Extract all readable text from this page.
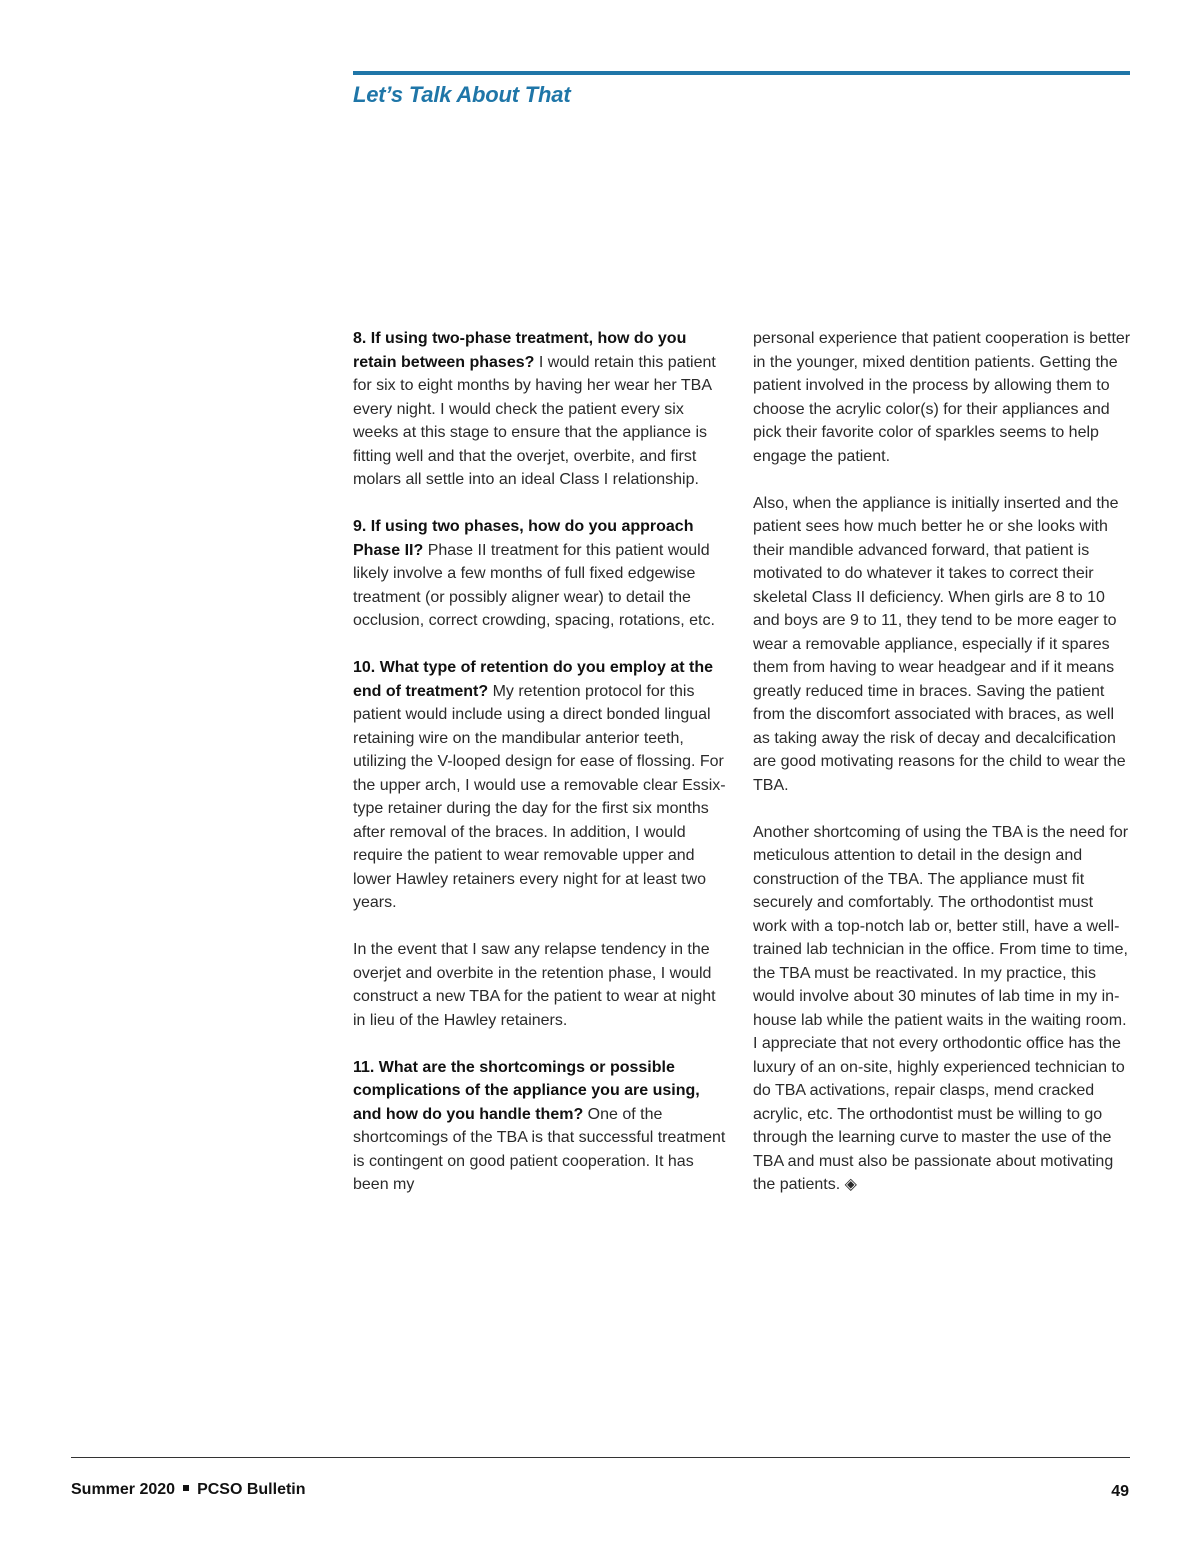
Let’s Talk About That

8. If using two-phase treatment, how do you retain between phases? I would retain this patient for six to eight months by having her wear her TBA every night. I would check the patient every six weeks at this stage to ensure that the appliance is fitting well and that the overjet, overbite, and first molars all settle into an ideal Class I relationship.

9. If using two phases, how do you approach Phase II? Phase II treatment for this patient would likely involve a few months of full fixed edgewise treatment (or possibly aligner wear) to detail the occlusion, correct crowding, spacing, rotations, etc.

10. What type of retention do you employ at the end of treatment? My retention protocol for this patient would include using a direct bonded lingual retaining wire on the mandibular anterior teeth, utilizing the V-looped design for ease of flossing. For the upper arch, I would use a removable clear Essix-type retainer during the day for the first six months after removal of the braces. In addition, I would require the patient to wear removable upper and lower Hawley retainers every night for at least two years.

In the event that I saw any relapse tendency in the overjet and overbite in the retention phase, I would construct a new TBA for the patient to wear at night in lieu of the Hawley retainers.

11. What are the shortcomings or possible complications of the appliance you are using, and how do you handle them? One of the shortcomings of the TBA is that successful treatment is contingent on good patient cooperation. It has been my

personal experience that patient cooperation is better in the younger, mixed dentition patients. Getting the patient involved in the process by allowing them to choose the acrylic color(s) for their appliances and pick their favorite color of sparkles seems to help engage the patient.

Also, when the appliance is initially inserted and the patient sees how much better he or she looks with their mandible advanced forward, that patient is motivated to do whatever it takes to correct their skeletal Class II deficiency. When girls are 8 to 10 and boys are 9 to 11, they tend to be more eager to wear a removable appliance, especially if it spares them from having to wear headgear and if it means greatly reduced time in braces. Saving the patient from the discomfort associated with braces, as well as taking away the risk of decay and decalcification are good motivating reasons for the child to wear the TBA.

Another shortcoming of using the TBA is the need for meticulous attention to detail in the design and construction of the TBA. The appliance must fit securely and comfortably. The orthodontist must work with a top-notch lab or, better still, have a well-trained lab technician in the office. From time to time, the TBA must be reactivated. In my practice, this would involve about 30 minutes of lab time in my in-house lab while the patient waits in the waiting room. I appreciate that not every orthodontic office has the luxury of an on-site, highly experienced technician to do TBA activations, repair clasps, mend cracked acrylic, etc. The orthodontist must be willing to go through the learning curve to master the use of the TBA and must also be passionate about motivating the patients. ◈

Summer 2020 PCSO Bulletin	49
